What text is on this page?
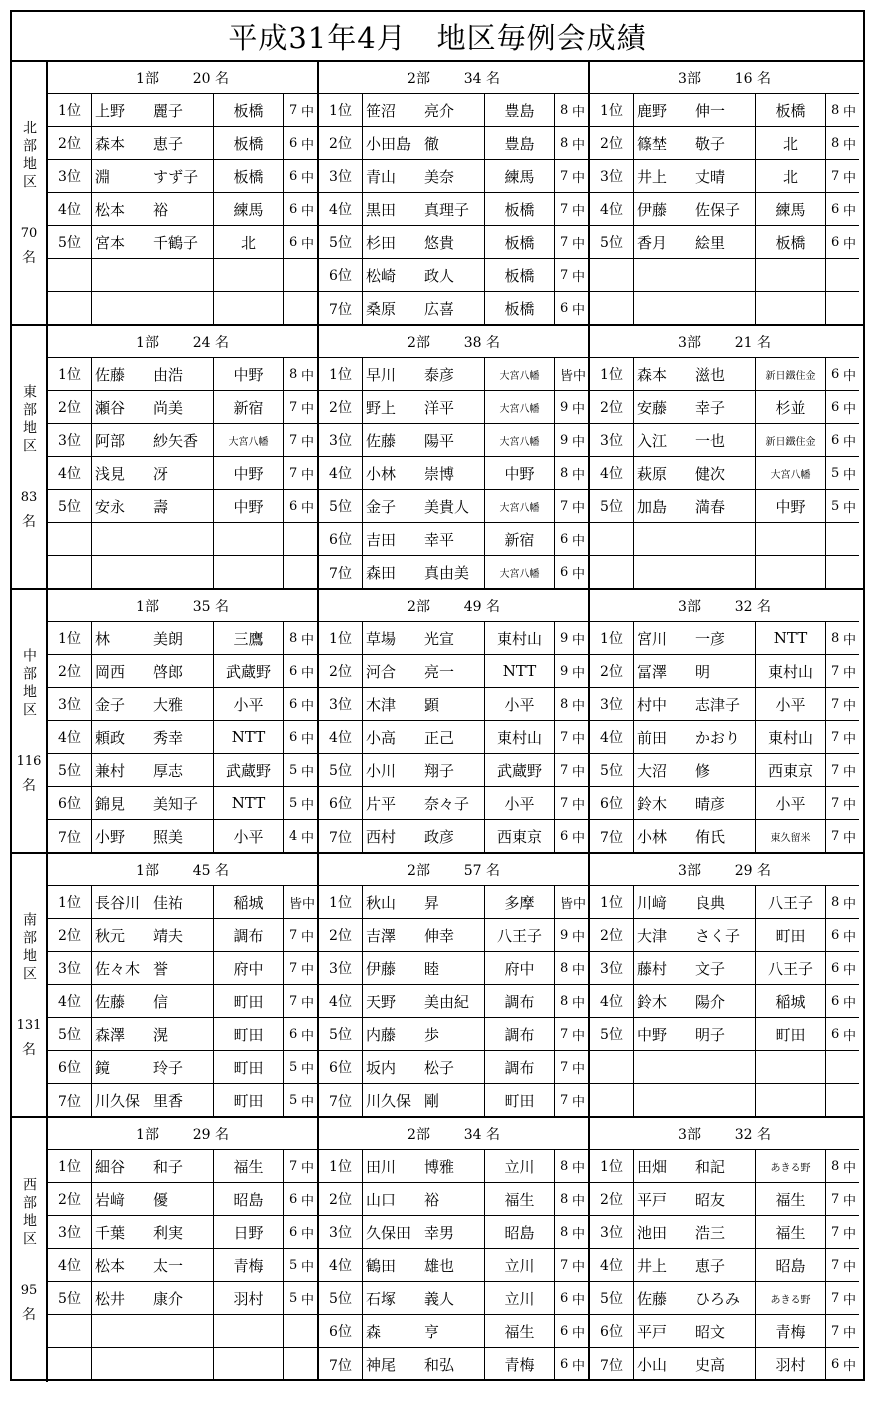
平成31年4月　地区毎例会成績
北部地区
70
名
1部	20 名
1位 上野	麗子	板橋	7 中
2位 森本	恵子	板橋	6 中
3位 淵	すず子	板橋	6 中
4位 松本	裕	練馬	6 中
5位 宮本	千鶴子	北	6 中
2部	34 名
1位 笹沼	亮介	豊島	8 中
2位 小田島 徹	豊島	8 中
3位 青山	美奈	練馬	7 中
4位 黒田	真理子	板橋	7 中
5位 杉田	悠貴	板橋	7 中
6位 松崎	政人	板橋	7 中
7位 桑原	広喜	板橋	6 中
3部	16 名
1位 鹿野	伸一	板橋	8 中
2位 篠埜	敬子	北	8 中
3位 井上	丈晴	北	7 中
4位 伊藤	佐保子	練馬	6 中
5位 香月	絵里	板橋	6 中
東部地区
83
名
1部	24 名
1位 佐藤	由浩	中野	8 中
2位 瀬谷	尚美	新宿	7 中
3位 阿部	紗矢香	大宮八幡	7 中
4位 浅見	冴	中野	7 中
5位 安永	壽	中野	6 中
2部	38 名
1位 早川	泰彦	大宮八幡	皆 中
2位 野上	洋平	大宮八幡	9 中
3位 佐藤	陽平	大宮八幡	9 中
4位 小林	崇博	中野	8 中
5位 金子	美貴人	大宮八幡	7 中
6位 吉田	幸平	新宿	6 中
7位 森田	真由美	大宮八幡	6 中
3部	21 名
1位 森本	滋也	新日鐵住金	6 中
2位 安藤	幸子	杉並	6 中
3位 入江	一也	新日鐵住金	6 中
4位 萩原	健次	大宮八幡	5 中
5位 加島	満春	中野	5 中
中部地区
116
名
1部	35 名
1位 林	美朗	三鷹	8 中
2位 岡西	啓郎	武蔵野	6 中
3位 金子	大雅	小平	6 中
4位 頼政	秀幸	NTT	6 中
5位 兼村	厚志	武蔵野	5 中
6位 錦見	美知子	NTT	5 中
7位 小野	照美	小平	4 中
2部	49 名
1位 草場	光宣	東村山	9 中
2位 河合	亮一	NTT	9 中
3位 木津	顕	小平	8 中
4位 小高	正己	東村山	7 中
5位 小川	翔子	武蔵野	7 中
6位 片平	奈々子	小平	7 中
7位 西村	政彦	西東京	6 中
3部	32 名
1位 宮川	一彦	NTT	8 中
2位 冨澤	明	東村山	7 中
3位 村中	志津子	小平	7 中
4位 前田	かおり	東村山	7 中
5位 大沼	修	西東京	7 中
6位 鈴木	晴彦	小平	7 中
7位 小林	侑氏	東久留米	7 中
南部地区
131
名
1部	45 名
1位 長谷川 佳祐	稲城	皆 中
2位 秋元	靖夫	調布	7 中
3位 佐々木 誉	府中	7 中
4位 佐藤	信	町田	7 中
5位 森澤	滉	町田	6 中
6位 鏡	玲子	町田	5 中
7位 川久保 里香	町田	5 中
2部	57 名
1位 秋山	昇	多摩	皆 中
2位 吉澤	伸幸	八王子	9 中
3位 伊藤	睦	府中	8 中
4位 天野	美由紀	調布	8 中
5位 内藤	歩	調布	7 中
6位 坂内	松子	調布	7 中
7位 川久保 剛	町田	7 中
3部	29 名
1位 川﨑	良典	八王子	8 中
2位 大津	さく子	町田	6 中
3位 藤村	文子	八王子	6 中
4位 鈴木	陽介	稲城	6 中
5位 中野	明子	町田	6 中
西部地区
95
名
1部	29 名
1位 細谷	和子	福生	7 中
2位 岩﨑	優	昭島	6 中
3位 千葉	利実	日野	6 中
4位 松本	太一	青梅	5 中
5位 松井	康介	羽村	5 中
2部	34 名
1位 田川	博雅	立川	8 中
2位 山口	裕	福生	8 中
3位 久保田 幸男	昭島	8 中
4位 鶴田	雄也	立川	7 中
5位 石塚	義人	立川	6 中
6位 森	亨	福生	6 中
7位 神尾	和弘	青梅	6 中
3部	32 名
1位 田畑	和記	あきる野	8 中
2位 平戸	昭友	福生	7 中
3位 池田	浩三	福生	7 中
4位 井上	恵子	昭島	7 中
5位 佐藤	ひろみ	あきる野	7 中
6位 平戸	昭文	青梅	7 中
7位 小山	史高	羽村	6 中
